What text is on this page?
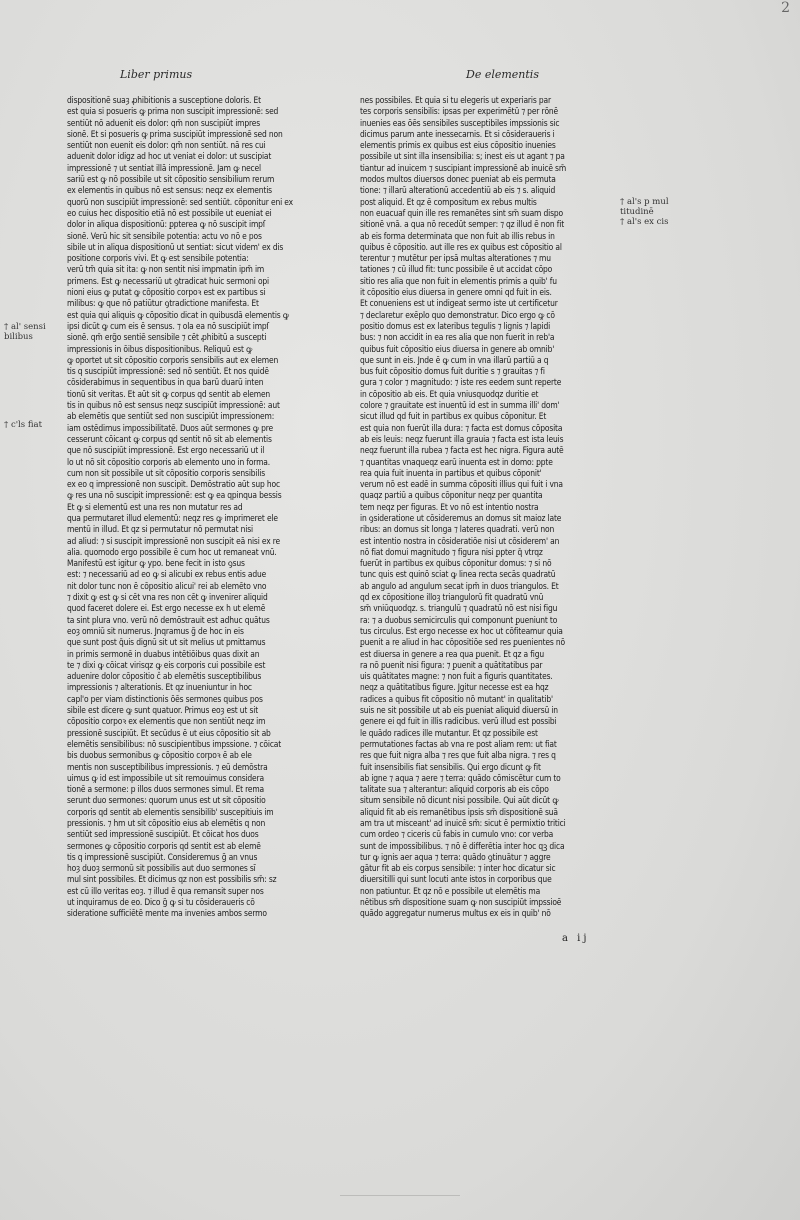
2
Liber primus	De elementis
† al' sensi
bilibus
† c'ls fiat
† al's p mul
titudinē
† al's ex cis
dispositionē suaȝ ꝓhibitionis a susceptione doloris. Et
est quia si posueris ꝙ prima non suscipit impressionē: sed
sentiūt nō aduenit eis dolor: qm̄ non suscipiūt impres
sionē. Et si posueris ꝙ prima suscipiūt impressionē sed non
sentiūt non euenit eis dolor: qm̄ non sentiūt. nā res cui
aduenit dolor idigz ad hoc ut veniat ei dolor: ut suscipiat
impressionē ⁊ ut sentiat illā impressionē. Jam ꝙ necel
sariū est ꝙ nō possibile ut sit cōpositio sensibilium rerum
ex elementis in quibus nō est sensus: neqz ex elementis
quorū non suscipiūt impressionē: sed sentiūt. cōponitur eni ex
eo cuius hec dispositio etiā nō est possibile ut eueniat ei
dolor in aliqua dispositionū: ꝑpterea ꝙ nō suscipit impſ
sionē. Verū hic sit sensibile potentia: actu vo nō e pos
sibile ut in aliqua dispositionū ut sentiat: sicut videm' ex dis
positione corporis vivi. Et ꝙ est sensibile potentia:
verū tm̄ quia sit ita: ꝙ non sentit nisi impmatin ipm̄ im
primens. Est ꝙ necessariū ut ꝯtradicat huic sermoni opi
nioni eius ꝙ putat ꝙ cōpositio corpoꝛ est ex partibus si
milibus: ꝙ que nō patiūtur ꝯtradictione manifesta. Et
est quia qui aliquis ꝙ cōpositio dicat in quibusdā elementis ꝙ
ipsi dicūt ꝙ cum eis ē sensus. ⁊ ola ea nō suscipiūt impſ
sionē. qm̄ erg̃o sentiē sensibile ⁊ cēt ꝓhibitū a suscepti
impressionis in ōibus dispositionibus. Reliquū est ꝙ
ꝙ oportet ut sit cōpositio corporis sensibilis aut ex elemen
tis q suscipiūt impressionē: sed nō sentiūt. Et nos quidē
cōsiderabimus in sequentibus in qua barū duarū inten
tionū sit veritas. Et aūt sit ꝙ corpus qd sentit ab elemen
tis in quibus nō est sensus neqz suscipiūt impressionē: aut
ab elemētis que sentiūt sed non suscipiūt impressionem:
iam ostēdimus impossibilitatē. Duos aūt sermones ꝙ pre
cesserunt cōicant ꝙ corpus qd sentit nō sit ab elementis
que nō suscipiūt impressionē. Est ergo necessariū ut il
lo ut nō sit cōpositio corporis ab elemento uno in forma.
cum non sit possibile ut sit cōpositio corporis sensibilis
ex eo q impressionē non suscipit. Demōstratio aūt sup hoc
ꝙ res una nō suscipit impressionē: est ꝙ ea qpinqua bessis
Et ꝙ si elementū est una res non mutatur res ad
qua permutaret illud elementū: neqz res ꝙ imprimeret ele
mentū in illud. Et qz si permutatur nō permutat nisi
ad aliud: ⁊ si suscipit impressionē non suscipit eā nisi ex re
alia. quomodo ergo possibile ē cum hoc ut remaneat vnū.
Manifestū est igitur ꝙ ypo. bene fecit in isto ꝯsus
est: ⁊ necessariū ad eo ꝙ si alicubi ex rebus entis adue
nit dolor tunc non ē cōpositio alicui' rei ab elemēto vno
⁊ dixit ꝙ est ꝙ si cēt vna res non cēt ꝙ invenirer aliquid
quod faceret dolere ei. Est ergo necesse ex h ut elemē
ta sint plura vno. verū nō demōstrauit est adhuc quātus
eoȝ omniū sit numerus. Jnqramus g̃ de hoc in eis
que sunt post q̄uis dignū sit ut sit melius ut pmittamus
in primis sermonē in duabus intētiōibus quas dixit an
te ⁊ dixi ꝙ cōicat virisqz ꝙ eis corporis cui possibile est
aduenire dolor cōpositio č ab elemētis susceptibilibus
impressionis ⁊ alterationis. Et qz inueniuntur in hoc
capl'o per viam distinctionis ōēs sermones quibus pos
sibile est dicere ꝙ sunt quatuor. Primus eoȝ est ut sit
cōpositio corpoꝛ ex elementis que non sentiūt neqz im
pressionē suscipiūt. Et secūdus ē ut eius cōpositio sit ab
elemētis sensibilibus: nō suscipientibus impssione. ⁊ cōicat
bis duobus sermonibus ꝙ cōpositio corpoꝛ ē ab ele
mentis non susceptibilibus impressionis. ⁊ eū demōstra
uimus ꝙ id est impossibile ut sit remouimus considera
tionē a sermone: p illos duos sermones simul. Et rema
serunt duo sermones: quorum unus est ut sit cōpositio
corporis qd sentit ab elementis sensibilib' suscepitiuis im
pressionis. ⁊ hm ut sit cōpositio eius ab elemētis q non
sentiūt sed impressionē suscipiūt. Et cōicat hos duos
sermones ꝙ cōpositio corporis qd sentit est ab elemē
tis q impressionē suscipiūt. Consideremus g̃ an vnus
hoȝ duoȝ sermonū sit possibilis aut duo sermones sī
mul sint possibiles. Et dicimus qz non est possibilis sm̄: sz
est cū illo veritas eoȝ. ⁊ illud ē qua remansit super nos
ut inquiramus de eo. Dico g̃ ꝙ si tu cōsideraueris cō
sideratione sufficiētē mente ma invenies ambos sermo
nes possibiles. Et quia si tu elegeris ut experiaris par
tes corporis sensibilis: ipsas per experimētū ⁊ per rōnē
inuenies eas ōēs sensibiles susceptibiles impssionis sic
dicimus parum ante inessecarnis. Et si cōsideraueris i
elementis primis ex quibus est eius cōpositio inuenies
possibile ut sint illa insensibilia: s; inest eis ut agant ⁊ pa
tiantur ad inuicem ⁊ suscipiant impressionē ab inuicē sm̄
modos multos diuersos donec ꝑueniat ab eis permuta
tione: ⁊ illarū alterationū accedentiū ab eis ⁊ s. aliquid
post aliquid. Et qz ē compositum ex rebus multis
non euacuaf quin ille res remanētes sint sm̄ suam dispo
sitionē vnā. a qua nō recedūt semper: ⁊ qz illud ē non fit
ab eis forma determinata que non fuit ab illis rebus in
quibus ē cōpositio. aut ille res ex quibus est cōpositio al
terentur ⁊ mutētur per ipsā multas alterationes ⁊ mu
tationes ⁊ cū illud fit: tunc possibile ē ut accidat cōpo
sitio res alia que non fuit in elementis primis a quib' fu
it cōpositio eius diuersa in genere omni qd fuit in eis.
Et conueniens est ut indigeat sermo iste ut certificetur
⁊ declaretur exēplo quo demonstratur. Dico ergo ꝙ cō
positio domus est ex lateribus tegulis ⁊ lignis ⁊ lapidi
bus: ⁊ non accidit in ea res alia que non fuerit in reb'a
quibus fuit cōpositio eius diuersa in genere ab omnib'
que sunt in eis. Jnde ē ꝙ cum in vna illarū partiū a q
bus fuit cōpositio domus fuit duritie s ⁊ grauitas ⁊ fi
gura ⁊ color ⁊ magnitudo: ⁊ iste res eedem sunt reperte
in cōpositio ab eis. Et quia vniusquodqz duritie et
colore ⁊ grauitate est inuentū id est in summa illi' dom'
sicut illud qd fuit in partibus ex quibus cōponitur. Et
est quia non fuerūt illa dura: ⁊ facta est domus cōposita
ab eis leuis: neqz fuerunt illa grauia ⁊ facta est ista leuis
neqz fuerunt illa rubea ⁊ facta est hec nigra. Figura autē
⁊ quantitas vnaqueqz earū inuenta est in domo: ꝑpte
rea quia fuit inuenta in partibus et quibus cōponit'
verum nō est eadē in summa cōpositi illius qui fuit i vna
quaqz partiū a quibus cōponitur neqz per quantita
tem neqz per figuras. Et vo nō est intentio nostra
in ꝯsideratione ut cōsideremus an domus sit maioz late
ribus: an domus sit longa ⁊ lateres quadrati. verū non
est intentio nostra in cōsideratiōe nisi ut cōsiderem' an
nō fiat domui magnitudo ⁊ figura nisi ꝑpter q̄ vtrqz
fuerūt in partibus ex quibus cōponitur domus: ⁊ si nō
tunc quis est quinō sciat ꝙ linea recta secās quadratū
ab angulo ad angulum secat ipm̄ in duos triangulos. Et
qd ex cōpositione illoȝ triangulorū fit quadratū vnū
sm̄ vniūquodqz. s. triangulū ⁊ quadratū nō est nisi figu
ra: ⁊ a duobus semicirculis qui componunt ꝑueniunt to
tus circulus. Est ergo necesse ex hoc ut cōfiteamur quia
ꝑuenit a re aliud in hac cōpositiōe sed res ꝑuenientes nō
est diuersa in genere a rea qua ꝑuenit. Et qz a figu
ra nō ꝑuenit nisi figura: ⁊ ꝑuenit a quātitatibus par
uis quātitates magne: ⁊ non fuit a figuris quantitates.
neqz a quātitatibus figure. Jgitur necesse est ea hqz
radices a quibus fit cōpositio nō mutant' in qualitatib'
suis ne sit possibile ut ab eis ꝑueniat aliquid diuersū in
genere ei qd fuit in illis radicibus. verū illud est possibi
le quādo radices ille mutantur. Et qz possibile est
permutationes factas ab vna re post aliam rem: ut fiat
res que fuit nigra alba ⁊ res que fuit alba nigra. ⁊ res q
fuit insensibilis fiat sensibilis. Qui ergo dicunt ꝙ fit
ab igne ⁊ aqua ⁊ aere ⁊ terra: quādo cōmiscētur cum to
talitate sua ⁊ alterantur: aliquid corporis ab eis cōpo
situm sensibile nō dicunt nisi possibile. Qui aūt dicūt ꝙ
aliquid fit ab eis remanētibus ipsis sm̄ dispositionē suā
am tra ut misceant' ad inuicē sm̄: sicut ē permixtio tritici
cum ordeo ⁊ ciceris cū fabis in cumulo vno: cor verba
sunt de impossibilibus. ⁊ nō ē differētia inter hoc qꝫ dica
tur ꝙ ignis aer aqua ⁊ terra: quādo ꝯtinuātur ⁊ aggre
gātur fit ab eis corpus sensibile: ⁊ inter hoc dicatur sic
diuersitilli qui sunt locuti ante istos in corporibus que
non patiuntur. Et qz nō e possibile ut elemētis ma
nētibus sm̄ dispositione suam ꝙ non suscipiūt impssioē
quādo aggregatur numerus multus ex eis in quib' nō
a ij
